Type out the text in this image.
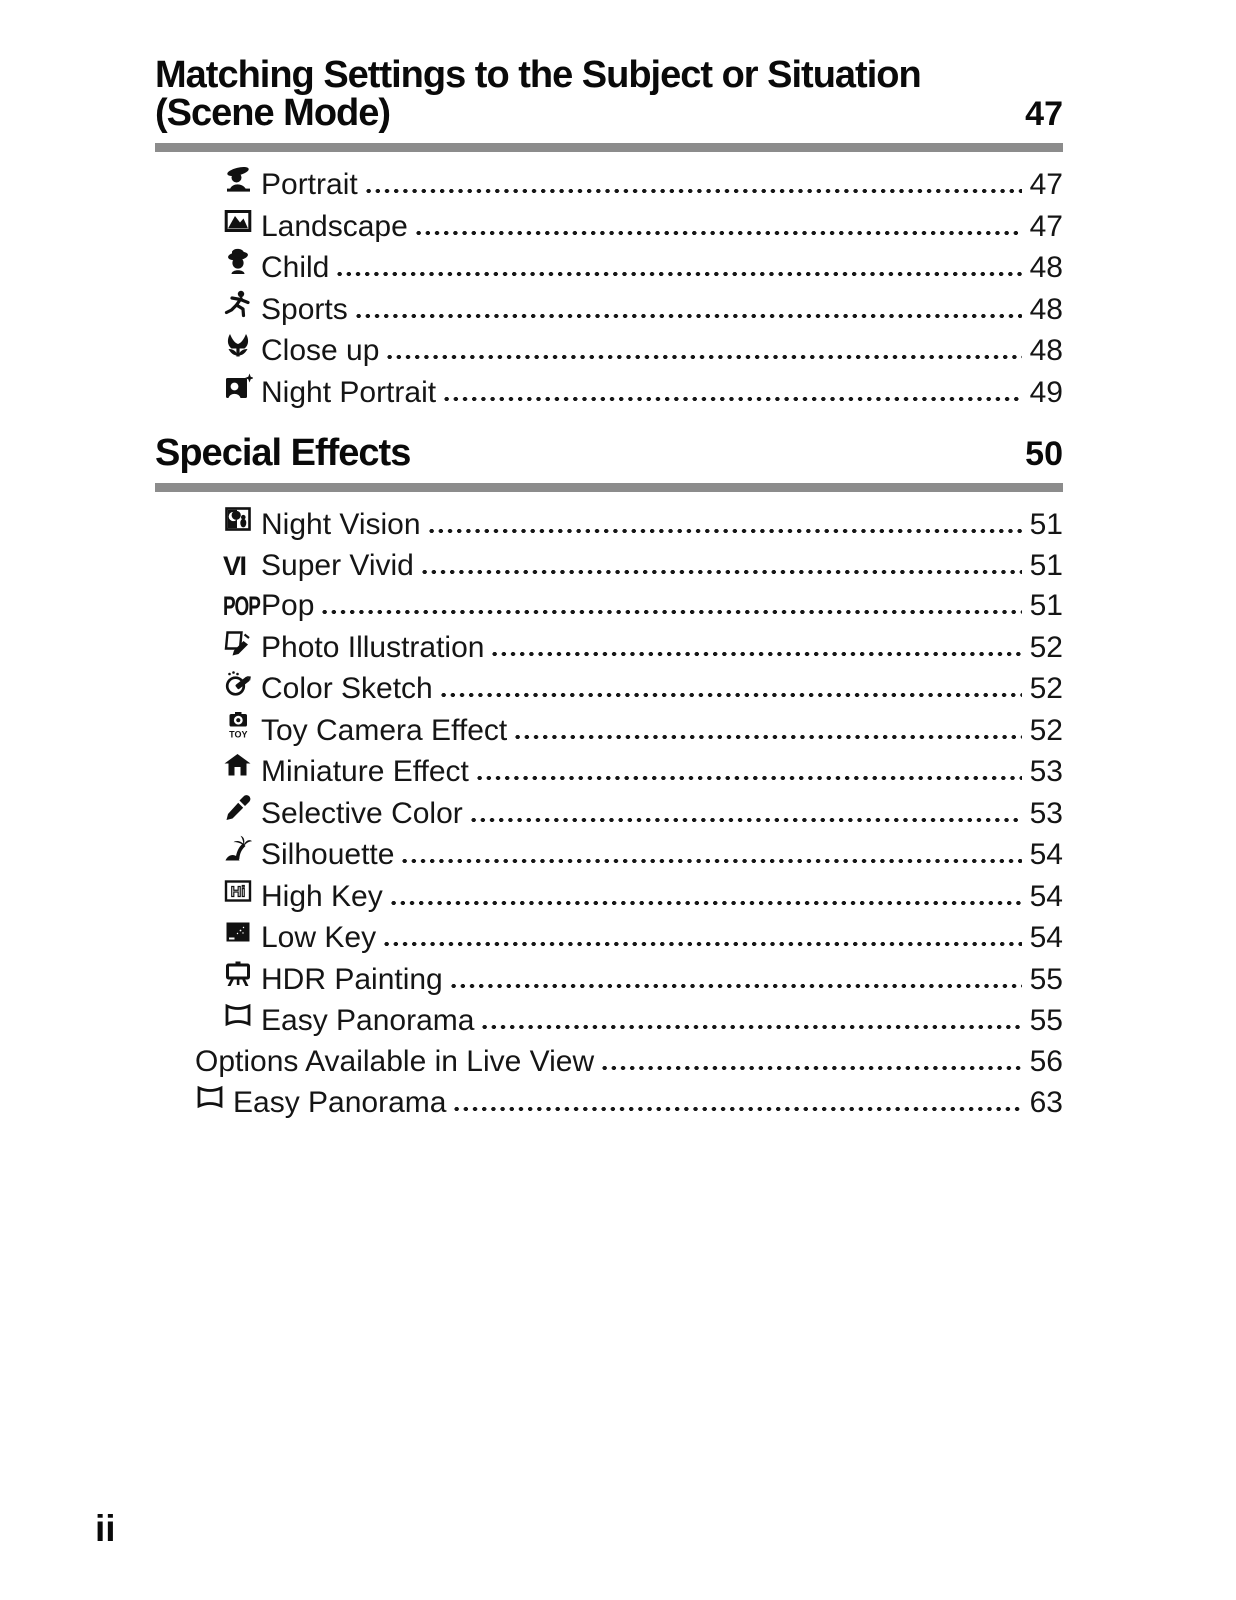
Matching Settings to the Subject or Situation
(Scene Mode)	47
Portrait	47
Landscape	47
Child	48
Sports	48
Close up	48
Night Portrait	49
Special Effects	50
Night Vision	51
VI Super Vivid	51
POP Pop	51
Photo Illustration	52
Color Sketch	52
TOY Toy Camera Effect	52
Miniature Effect	53
Selective Color	53
Silhouette	54
Hi High Key	54
Low Key	54
HDR Painting	55
Easy Panorama	55
Options Available in Live View	56
Easy Panorama	63
ii
